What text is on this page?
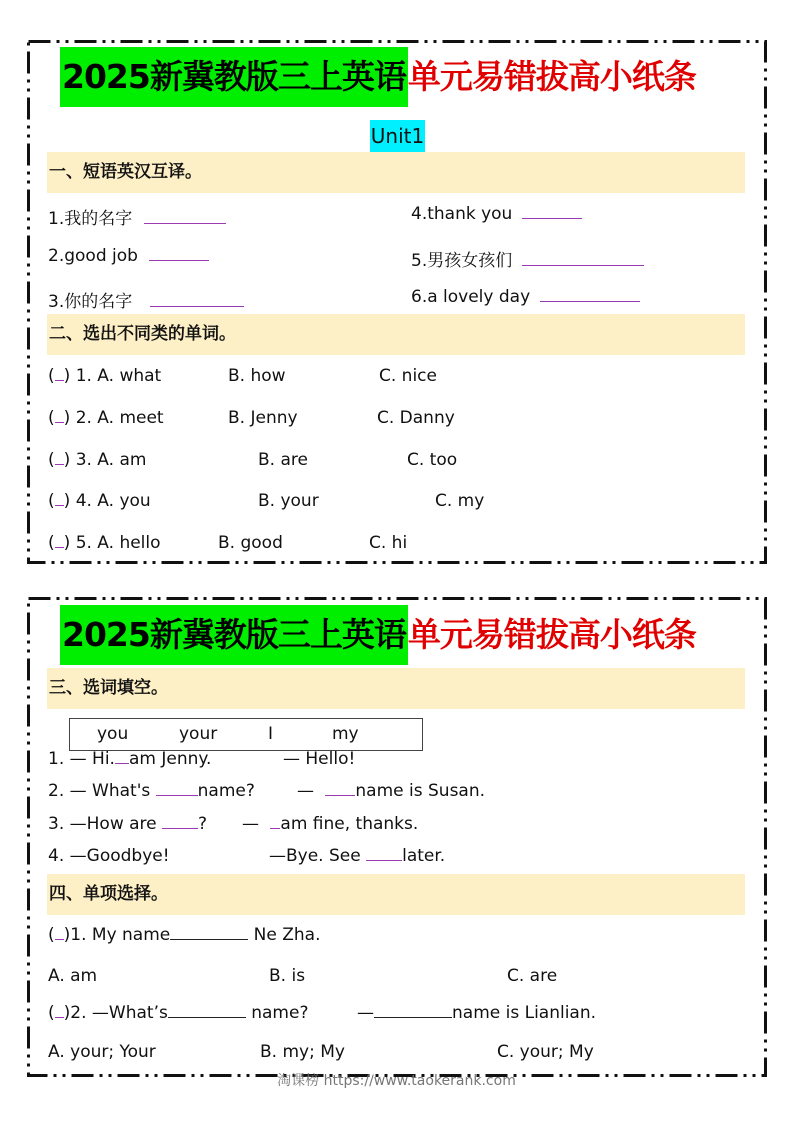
2025新冀教版三上英语 单元易错拔高小纸条
Unit1
一、短语英汉互译。
1.我的名字
2.good job
3.你的名字
4.thank you
5.男孩女孩们
6.a lovely day
二、选出不同类的单词。
( ) 1. A. what	B. how	C. nice
( ) 2. A. meet	B. Jenny	C. Danny
( ) 3. A. am	B. are	C. too
( ) 4. A. you	B. your	C. my
( ) 5. A. hello	B. good	C. hi
2025新冀教版三上英语 单元易错拔高小纸条
三、选词填空。
you	your	I	my
1. — Hi. am Jenny.	— Hello!
2. — What's	name? — name is Susan.
3. —How are ? — am fine, thanks.
4. —Goodbye!	—Bye. See later.
四、单项选择。
( )1. My name	Ne Zha.
A. am	B. is	C. are
( )2. —What’s	name?	—	name is Lianlian.
A. your; Your	B. my; My	C. your; My
淘课榜 https://www.taokerank.com
